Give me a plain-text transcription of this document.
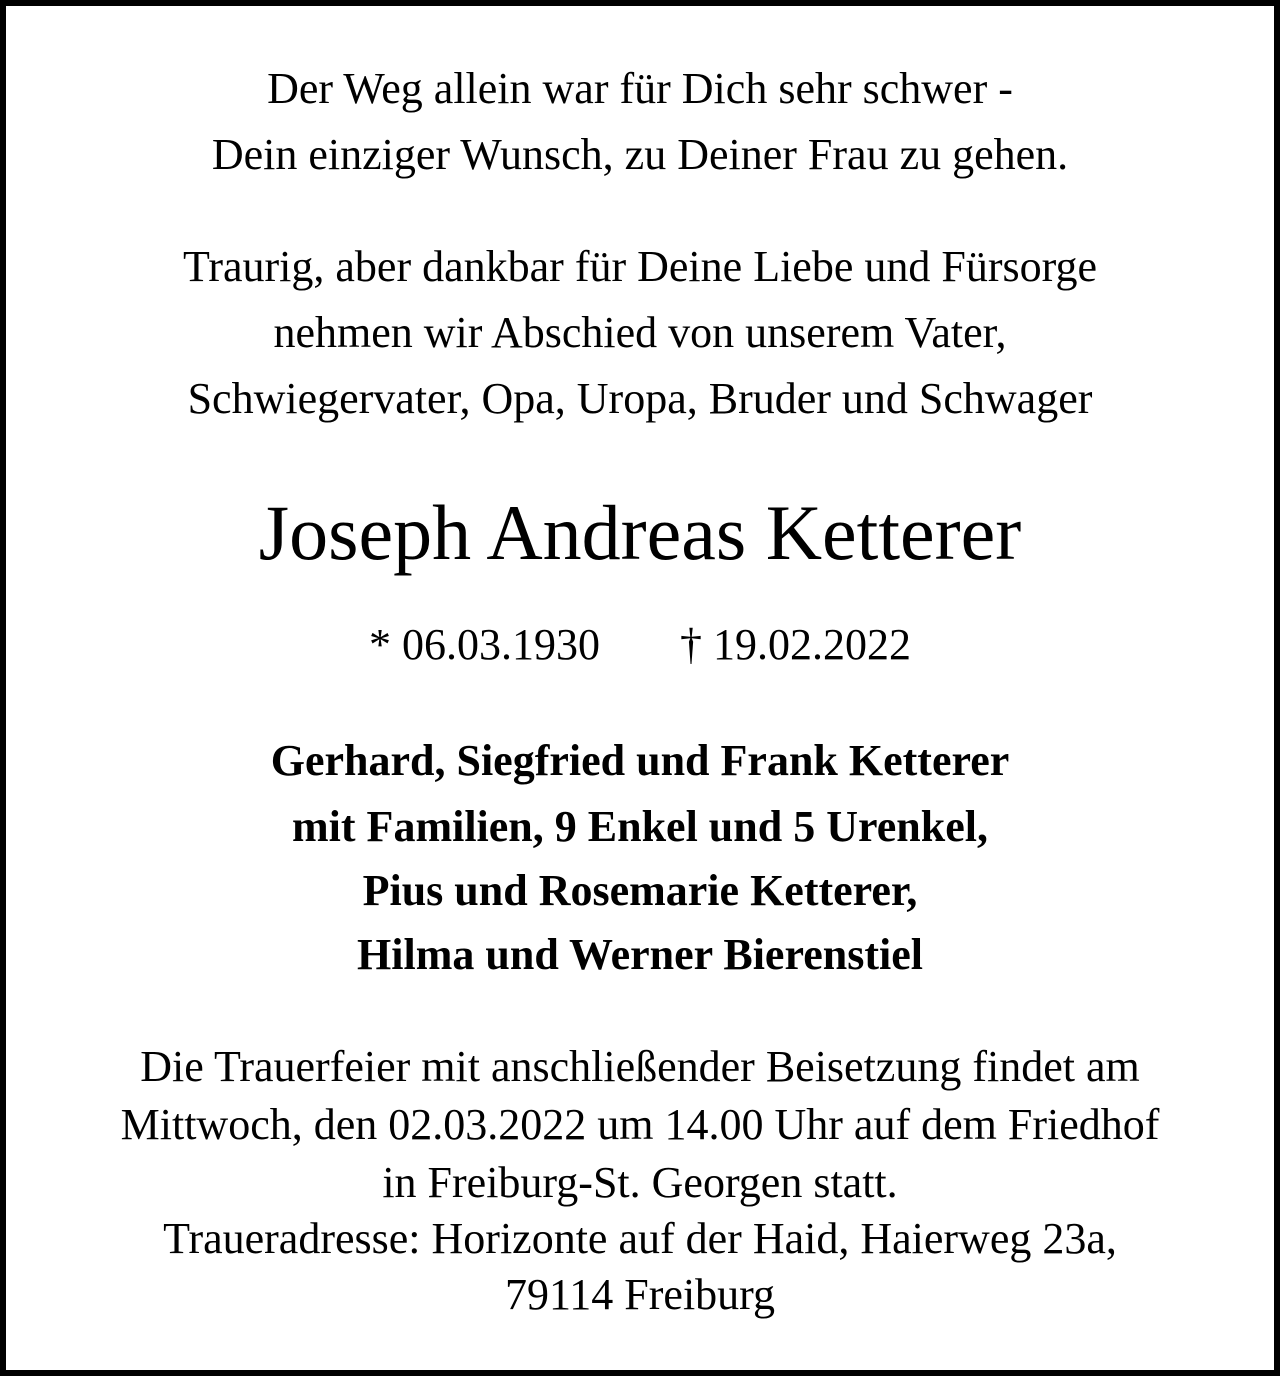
Der Weg allein war für Dich sehr schwer -
Dein einziger Wunsch, zu Deiner Frau zu gehen.
Traurig, aber dankbar für Deine Liebe und Fürsorge
nehmen wir Abschied von unserem Vater,
Schwiegervater, Opa, Uropa, Bruder und Schwager
Joseph Andreas Ketterer
* 06.03.1930 † 19.02.2022
Gerhard, Siegfried und Frank Ketterer
mit Familien, 9 Enkel und 5 Urenkel,
Pius und Rosemarie Ketterer,
Hilma und Werner Bierenstiel
Die Trauerfeier mit anschließender Beisetzung findet am
Mittwoch, den 02.03.2022 um 14.00 Uhr auf dem Friedhof
in Freiburg-St. Georgen statt.
Traueradresse: Horizonte auf der Haid, Haierweg 23a,
79114 Freiburg
